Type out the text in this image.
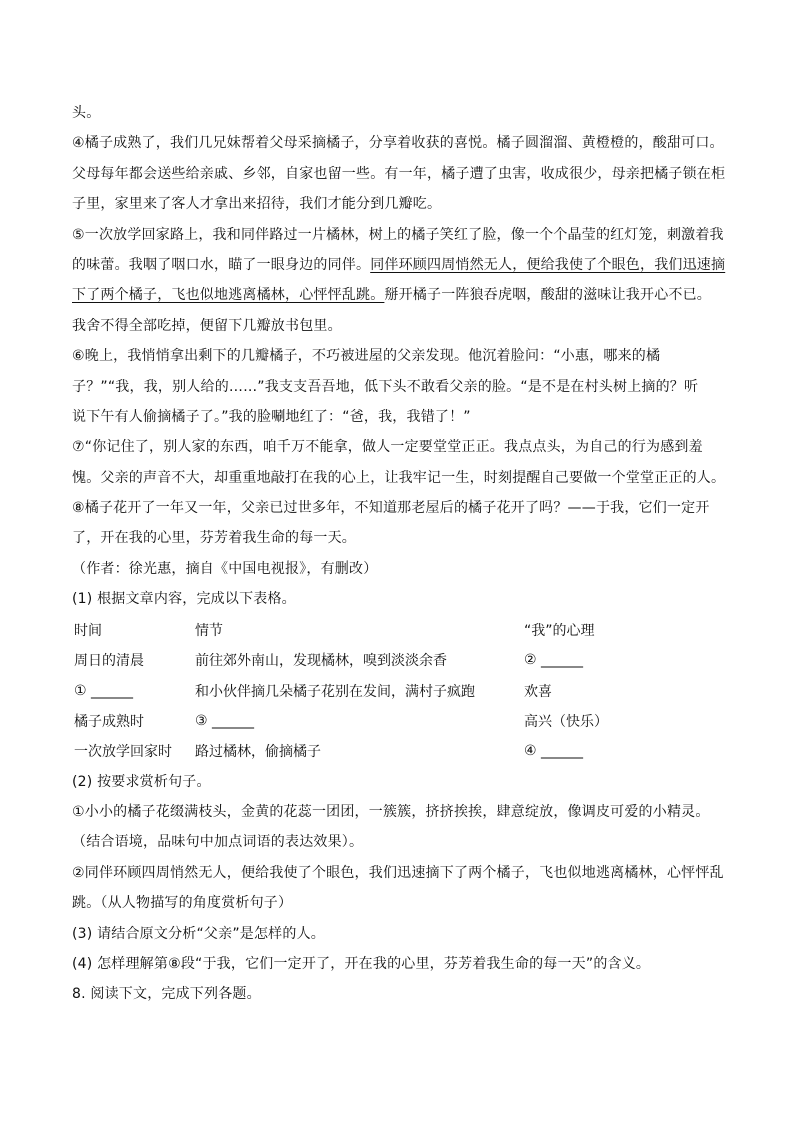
头。
④橘子成熟了，我们几兄妹帮着父母采摘橘子，分享着收获的喜悦。橘子圆溜溜、黄橙橙的，酸甜可口。
父母每年都会送些给亲戚、乡邻，自家也留一些。有一年，橘子遭了虫害，收成很少，母亲把橘子锁在柜
子里，家里来了客人才拿出来招待，我们才能分到几瓣吃。
⑤一次放学回家路上，我和同伴路过一片橘林，树上的橘子笑红了脸，像一个个晶莹的红灯笼，刺激着我
的味蕾。我咽了咽口水，瞄了一眼身边的同伴。同伴环顾四周悄然无人，便给我使了个眼色，我们迅速摘
下了两个橘子，飞也似地逃离橘林，心怦怦乱跳。掰开橘子一阵狼吞虎咽，酸甜的滋味让我开心不已。
我舍不得全部吃掉，便留下几瓣放书包里。
⑥晚上，我悄悄拿出剩下的几瓣橘子，不巧被进屋的父亲发现。他沉着脸问：“小惠，哪来的橘
子？”“我，我，别人给的……”我支支吾吾地，低下头不敢看父亲的脸。“是不是在村头树上摘的？听
说下午有人偷摘橘子了。”我的脸唰地红了：“爸，我，我错了！”
⑦“你记住了，别人家的东西，咱千万不能拿，做人一定要堂堂正正。我点点头，为自己的行为感到羞
愧。父亲的声音不大，却重重地敲打在我的心上，让我牢记一生，时刻提醒自己要做一个堂堂正正的人。
⑧橘子花开了一年又一年，父亲已过世多年，不知道那老屋后的橘子花开了吗？——于我，它们一定开
了，开在我的心里，芬芳着我生命的每一天。
（作者：徐光惠，摘自《中国电视报》，有删改）
(1) 根据文章内容，完成以下表格。
时间	情节	“我”的心理
周日的清晨	前往郊外南山，发现橘林，嗅到淡淡余香	② ______
① ______	和小伙伴摘几朵橘子花别在发间，满村子疯跑	欢喜
橘子成熟时	③ ______	高兴（快乐）
一次放学回家时	路过橘林，偷摘橘子	④ ______
(2) 按要求赏析句子。
①小小的橘子花缀满枝头，金黄的花蕊一团团，一簇簇，挤挤挨挨，肆意绽放，像调皮可爱的小精灵。
（结合语境，品味句中加点词语的表达效果）。
②同伴环顾四周悄然无人，便给我使了个眼色，我们迅速摘下了两个橘子，飞也似地逃离橘林，心怦怦乱
跳。（从人物描写的角度赏析句子）
(3) 请结合原文分析“父亲”是怎样的人。
(4) 怎样理解第⑧段“于我，它们一定开了，开在我的心里，芬芳着我生命的每一天”的含义。
8. 阅读下文，完成下列各题。
